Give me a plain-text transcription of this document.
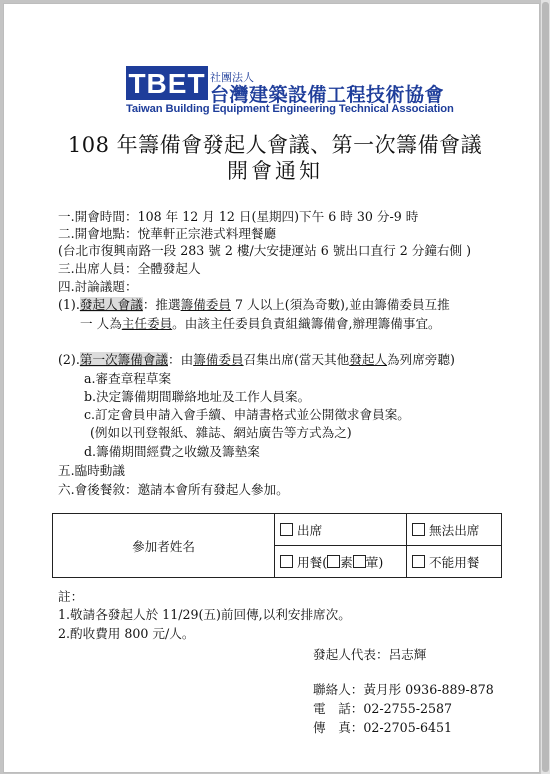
TBET 社團法人
台灣建築設備工程技術協會
Taiwan Building Equipment Engineering Technical Association
108 年籌備會發起人會議、第一次籌備會議
開會通知
一.開會時間：108 年 12 月 12 日(星期四)下午 6 時 30 分-9 時
二.開會地點：悅華軒正宗港式料理餐廳
(台北市復興南路一段 283 號 2 樓/大安捷運站 6 號出口直行 2 分鐘右側 )
三.出席人員：全體發起人
四.討論議題：
(1).發起人會議：推選籌備委員 7 人以上(須為奇數),並由籌備委員互推
一 人為主任委員。由該主任委員負責組織籌備會,辦理籌備事宜。
(2).第一次籌備會議：由籌備委員召集出席(當天其他發起人為列席旁聽)
a.審查章程草案
b.決定籌備期間聯絡地址及工作人員案。
c.訂定會員申請入會手續、申請書格式並公開徵求會員案。
(例如以刊登報紙、雜誌、網站廣告等方式為之)
d.籌備期間經費之收繳及籌墊案
五.臨時動議
六.會後餐敘：邀請本會所有發起人參加。
參加者姓名	出席	無法出席
	用餐( 素 葷)	不能用餐
註：
1.敬請各發起人於 11/29(五)前回傳,以利安排席次。
2.酌收費用 800 元/人。
發起人代表：呂志輝
聯絡人：黃月彤 0936-889-878
電　話：02-2755-2587
傳　真：02-2705-6451
